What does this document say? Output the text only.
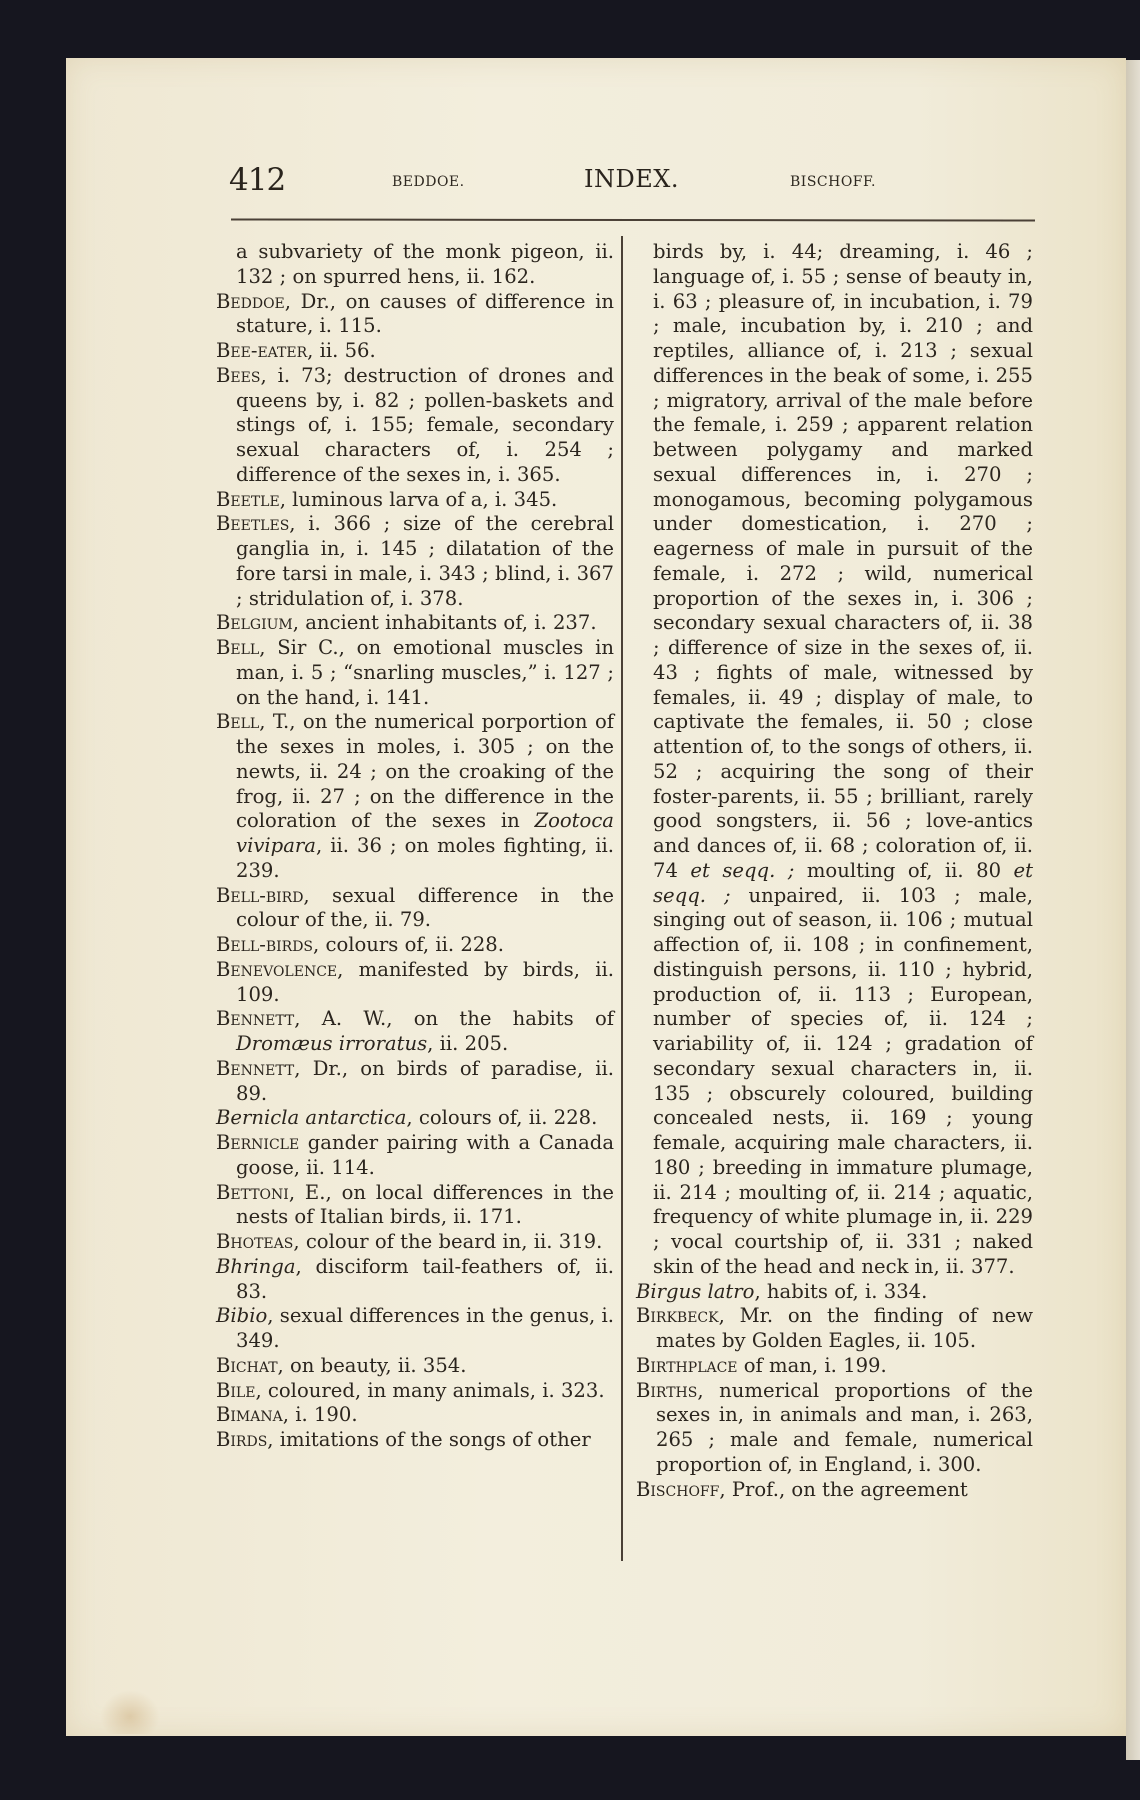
412	BEDDOE.	INDEX.	BISCHOFF.

a subvariety of the monk pigeon, ii. 132 ; on spurred hens, ii. 162.

Beddoe, Dr., on causes of difference in stature, i. 115.

Bee-eater, ii. 56.

Bees, i. 73; destruction of drones and queens by, i. 82 ; pollen-baskets and stings of, i. 155; female, secondary sexual characters of, i. 254 ; difference of the sexes in, i. 365.

Beetle, luminous larva of a, i. 345.

Beetles, i. 366 ; size of the cerebral ganglia in, i. 145 ; dilatation of the fore tarsi in male, i. 343 ; blind, i. 367 ; stridulation of, i. 378.

Belgium, ancient inhabitants of, i. 237.

Bell, Sir C., on emotional muscles in man, i. 5 ; “snarling muscles,” i. 127 ; on the hand, i. 141.

Bell, T., on the numerical porportion of the sexes in moles, i. 305 ; on the newts, ii. 24 ; on the croaking of the frog, ii. 27 ; on the difference in the coloration of the sexes in Zootoca vivipara, ii. 36 ; on moles fighting, ii. 239.

Bell-bird, sexual difference in the colour of the, ii. 79.

Bell-birds, colours of, ii. 228.

Benevolence, manifested by birds, ii. 109.

Bennett, A. W., on the habits of Dromæus irroratus, ii. 205.

Bennett, Dr., on birds of paradise, ii. 89.

Bernicla antarctica, colours of, ii. 228.

Bernicle gander pairing with a Canada goose, ii. 114.

Bettoni, E., on local differences in the nests of Italian birds, ii. 171.

Bhoteas, colour of the beard in, ii. 319.

Bhringa, disciform tail-feathers of, ii. 83.

Bibio, sexual differences in the genus, i. 349.

Bichat, on beauty, ii. 354.

Bile, coloured, in many animals, i. 323.

Bimana, i. 190.

Birds, imitations of the songs of other

birds by, i. 44; dreaming, i. 46 ; language of, i. 55 ; sense of beauty in, i. 63 ; pleasure of, in incubation, i. 79 ; male, incubation by, i. 210 ; and reptiles, alliance of, i. 213 ; sexual differences in the beak of some, i. 255 ; migratory, arrival of the male before the female, i. 259 ; apparent relation between polygamy and marked sexual differences in, i. 270 ; monogamous, becoming polygamous under domestication, i. 270 ; eagerness of male in pursuit of the female, i. 272 ; wild, numerical proportion of the sexes in, i. 306 ; secondary sexual characters of, ii. 38 ; difference of size in the sexes of, ii. 43 ; fights of male, witnessed by females, ii. 49 ; display of male, to captivate the females, ii. 50 ; close attention of, to the songs of others, ii. 52 ; acquiring the song of their foster-parents, ii. 55 ; brilliant, rarely good songsters, ii. 56 ; love-antics and dances of, ii. 68 ; coloration of, ii. 74 et seqq. ; moulting of, ii. 80 et seqq. ; unpaired, ii. 103 ; male, singing out of season, ii. 106 ; mutual affection of, ii. 108 ; in confinement, distinguish persons, ii. 110 ; hybrid, production of, ii. 113 ; European, number of species of, ii. 124 ; variability of, ii. 124 ; gradation of secondary sexual characters in, ii. 135 ; obscurely coloured, building concealed nests, ii. 169 ; young female, acquiring male characters, ii. 180 ; breeding in immature plumage, ii. 214 ; moulting of, ii. 214 ; aquatic, frequency of white plumage in, ii. 229 ; vocal courtship of, ii. 331 ; naked skin of the head and neck in, ii. 377.

Birgus latro, habits of, i. 334.

Birkbeck, Mr. on the finding of new mates by Golden Eagles, ii. 105.

Birthplace of man, i. 199.

Births, numerical proportions of the sexes in, in animals and man, i. 263, 265 ; male and female, numerical proportion of, in England, i. 300.

Bischoff, Prof., on the agreement
